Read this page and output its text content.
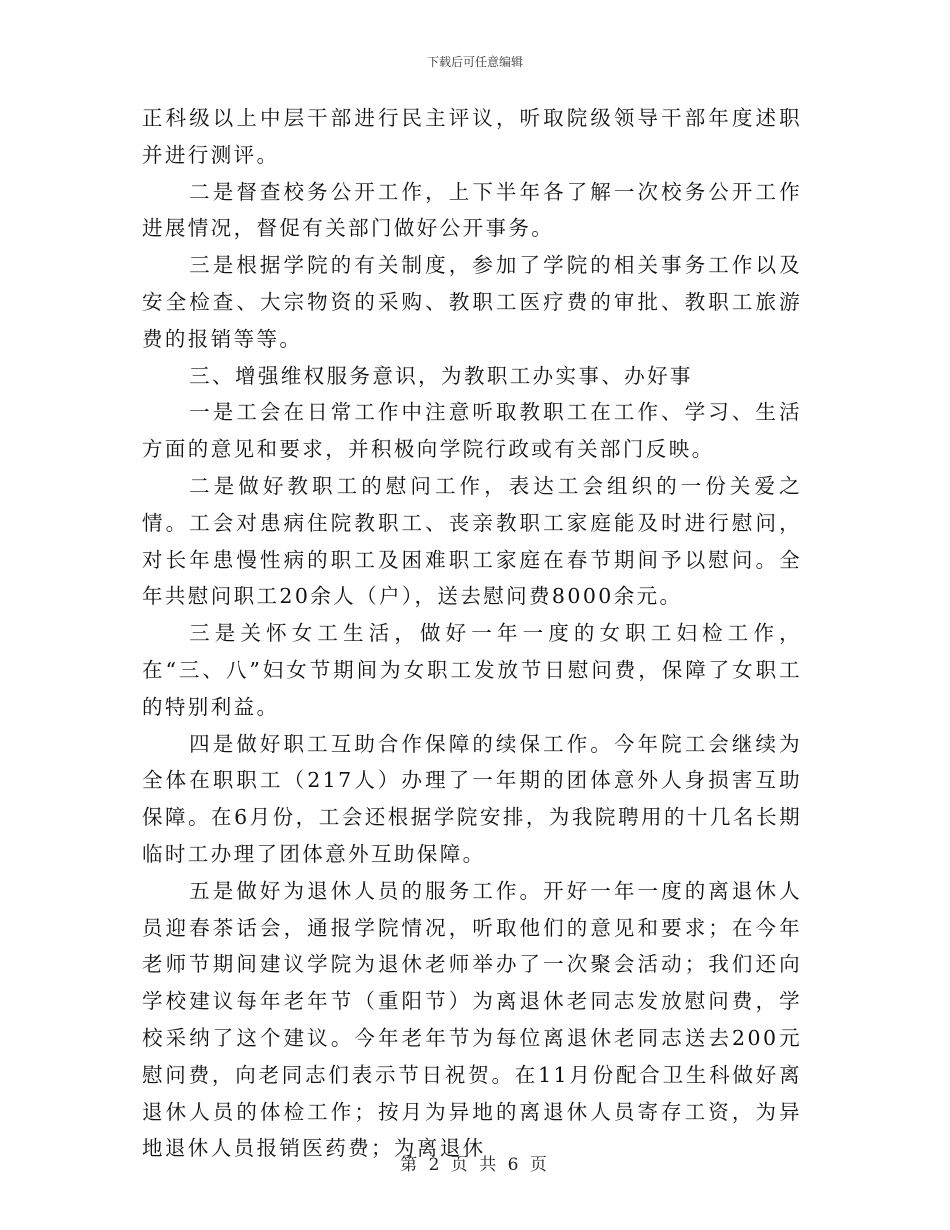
下载后可任意编辑

正科级以上中层干部进行民主评议，听取院级领导干部年度述职并进行测评。

二是督查校务公开工作，上下半年各了解一次校务公开工作进展情况，督促有关部门做好公开事务。

三是根据学院的有关制度，参加了学院的相关事务工作以及安全检查、大宗物资的采购、教职工医疗费的审批、教职工旅游费的报销等等。

三、增强维权服务意识，为教职工办实事、办好事

一是工会在日常工作中注意听取教职工在工作、学习、生活方面的意见和要求，并积极向学院行政或有关部门反映。

二是做好教职工的慰问工作，表达工会组织的一份关爱之情。工会对患病住院教职工、丧亲教职工家庭能及时进行慰问，对长年患慢性病的职工及困难职工家庭在春节期间予以慰问。全年共慰问职工20余人（户），送去慰问费8000余元。

三是关怀女工生活，做好一年一度的女职工妇检工作，在“三、八”妇女节期间为女职工发放节日慰问费，保障了女职工的特别利益。

四是做好职工互助合作保障的续保工作。今年院工会继续为全体在职职工（217人）办理了一年期的团体意外人身损害互助保障。在6月份，工会还根据学院安排，为我院聘用的十几名长期临时工办理了团体意外互助保障。

五是做好为退休人员的服务工作。开好一年一度的离退休人员迎春茶话会，通报学院情况，听取他们的意见和要求；在今年老师节期间建议学院为退休老师举办了一次聚会活动；我们还向学校建议每年老年节（重阳节）为离退休老同志发放慰问费，学校采纳了这个建议。今年老年节为每位离退休老同志送去200元慰问费，向老同志们表示节日祝贺。在11月份配合卫生科做好离退休人员的体检工作；按月为异地的离退休人员寄存工资，为异地退休人员报销医药费；为离退休

第 2 页 共 6 页
